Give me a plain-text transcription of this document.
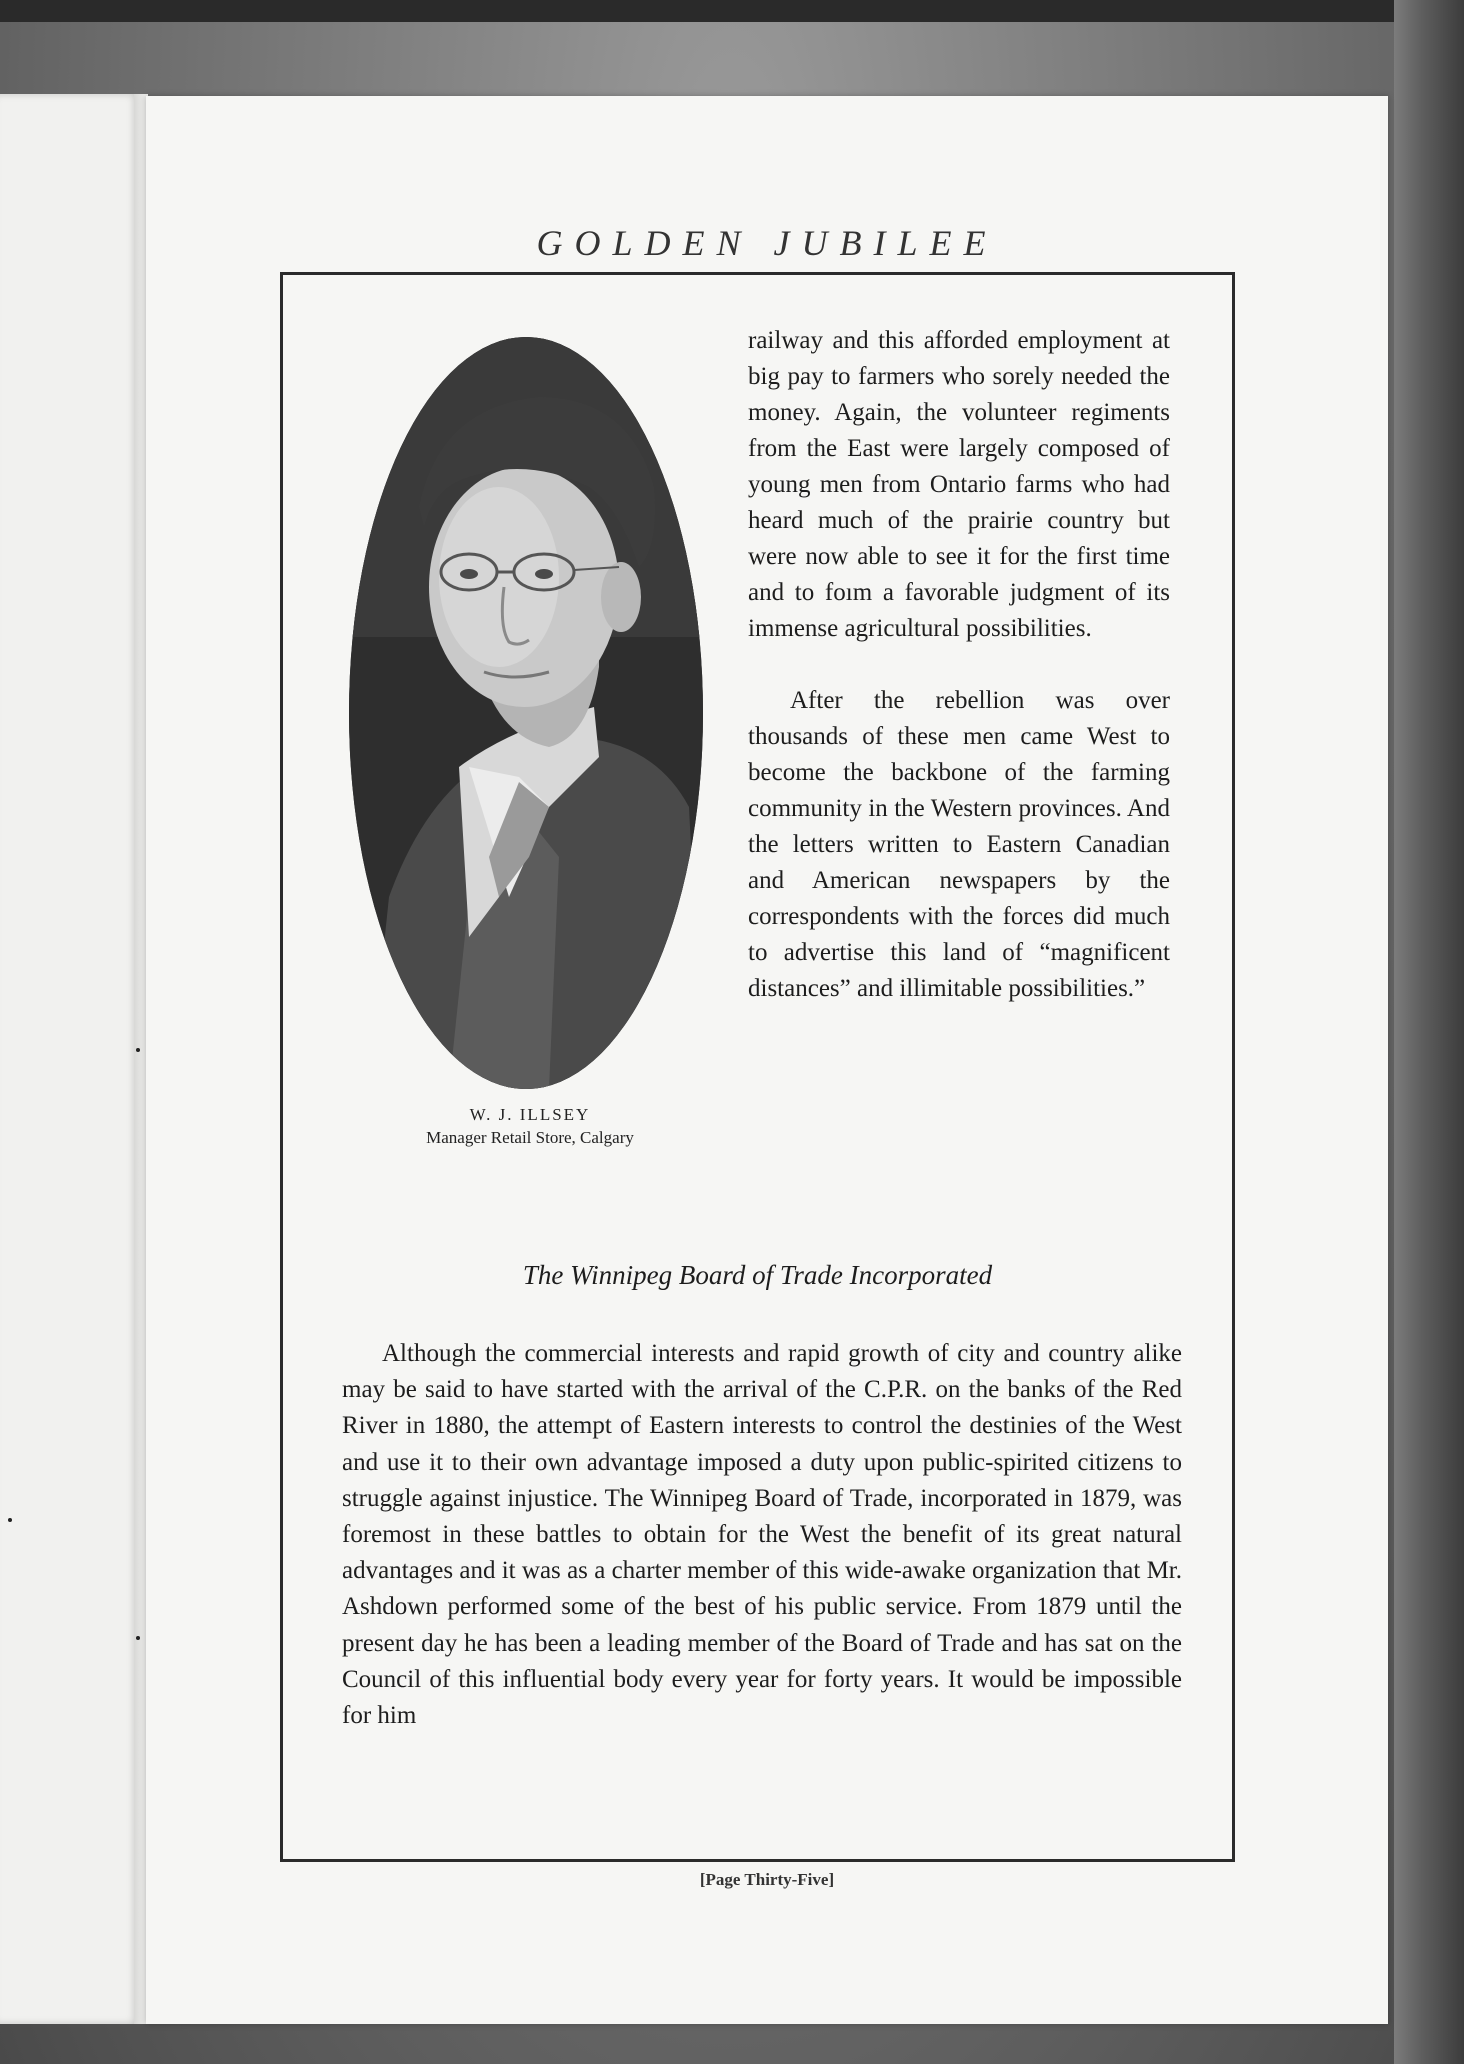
GOLDEN JUBILEE
W. J. ILLSEY
Manager Retail Store, Calgary

railway and this afforded employment at big pay to farmers who sorely needed the money. Again, the volunteer regiments from the East were largely composed of young men from Ontario farms who had heard much of the prairie country but were now able to see it for the first time and to foım a favorable judgment of its immense agricultural possibilities.

After the rebellion was over thousands of these men came West to become the backbone of the farming community in the Western provinces. And the letters written to Eastern Canadian and American newspapers by the correspondents with the forces did much to advertise this land of “magnificent distances” and illimitable possibilities.”

The Winnipeg Board of Trade Incorporated
Although the commercial interests and rapid growth of city and country alike may be said to have started with the arrival of the C.P.R. on the banks of the Red River in 1880, the attempt of Eastern interests to control the destinies of the West and use it to their own advantage imposed a duty upon public-spirited citizens to struggle against injustice. The Winnipeg Board of Trade, incorporated in 1879, was foremost in these battles to obtain for the West the benefit of its great natural advantages and it was as a charter member of this wide-awake organization that Mr. Ashdown performed some of the best of his public service. From 1879 until the present day he has been a leading member of the Board of Trade and has sat on the Council of this influential body every year for forty years. It would be impossible for him
[Page Thirty-Five]
